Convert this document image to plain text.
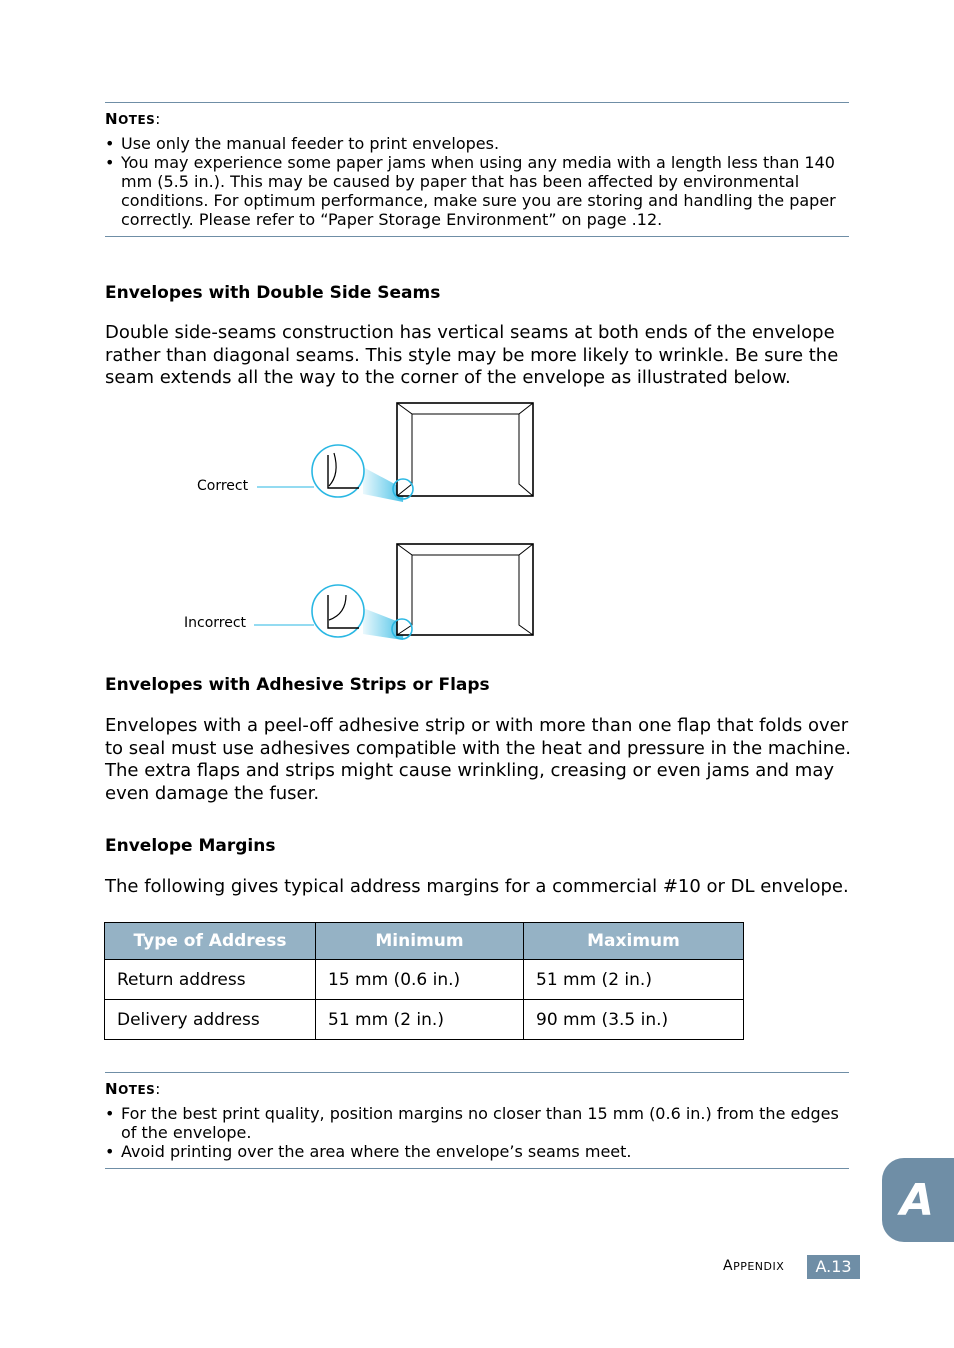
NOTES:

• Use only the manual feeder to print envelopes.
• You may experience some paper jams when using any media with a length less than 140 mm (5.5 in.). This may be caused by paper that has been affected by environmental conditions. For optimum performance, make sure you are storing and handling the paper correctly. Please refer to “Paper Storage Environment” on page .12.
Envelopes with Double Side Seams

Double side-seams construction has vertical seams at both ends of the envelope rather than diagonal seams. This style may be more likely to wrinkle. Be sure the seam extends all the way to the corner of the envelope as illustrated below.

Correct
Incorrect
Envelopes with Adhesive Strips or Flaps

Envelopes with a peel-off adhesive strip or with more than one flap that folds over to seal must use adhesives compatible with the heat and pressure in the machine. The extra flaps and strips might cause wrinkling, creasing or even jams and may even damage the fuser.

Envelope Margins

The following gives typical address margins for a commercial #10 or DL envelope.

Type of Address	Minimum	Maximum
Return address	15 mm (0.6 in.)	51 mm (2 in.)
Delivery address	51 mm (2 in.)	90 mm (3.5 in.)

NOTES:

• For the best print quality, position margins no closer than 15 mm (0.6 in.) from the edges of the envelope.
• Avoid printing over the area where the envelope’s seams meet.
A
APPENDIX	A.13
